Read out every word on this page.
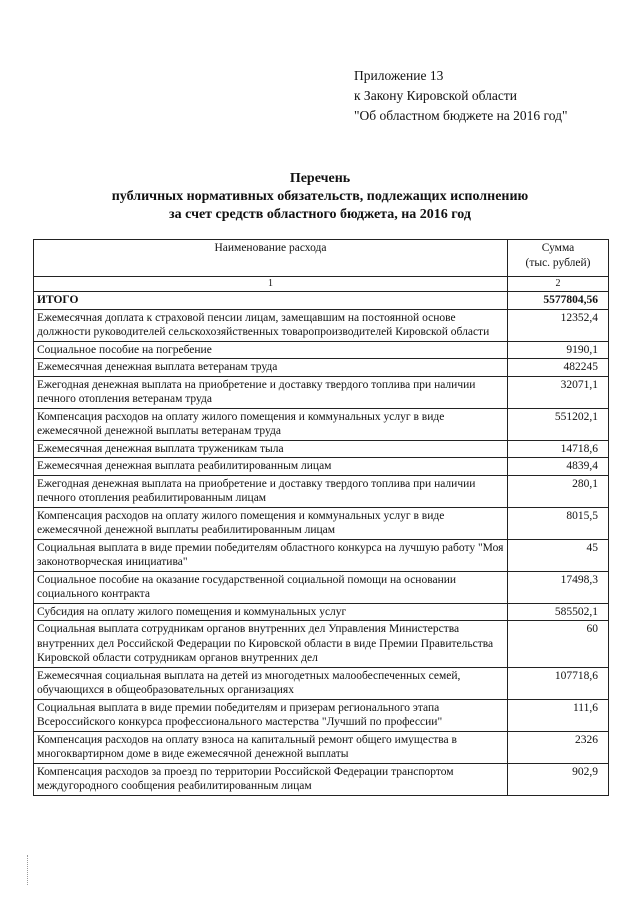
Приложение 13
к Закону Кировской области
"Об областном бюджете на 2016 год"
Перечень
публичных нормативных обязательств, подлежащих исполнению
за счет средств областного бюджета, на 2016 год
Наименование расхода	Сумма
(тыс. рублей)

1	2
ИТОГО	5577804,56
Ежемесячная доплата к страховой пенсии лицам, замещавшим на постоянной основе должности руководителей сельскохозяйственных товаропроизводителей Кировской области	12352,4
Социальное пособие на погребение	9190,1
Ежемесячная денежная выплата ветеранам труда	482245
Ежегодная денежная выплата на приобретение и доставку твердого топлива при наличии печного отопления ветеранам труда	32071,1
Компенсация расходов на оплату жилого помещения и коммунальных услуг в виде ежемесячной денежной выплаты ветеранам труда	551202,1
Ежемесячная денежная выплата труженикам тыла	14718,6
Ежемесячная денежная выплата реабилитированным лицам	4839,4
Ежегодная денежная выплата на приобретение и доставку твердого топлива при наличии печного отопления реабилитированным лицам	280,1
Компенсация расходов на оплату жилого помещения и коммунальных услуг в виде ежемесячной денежной выплаты реабилитированным лицам	8015,5
Социальная выплата в виде премии победителям областного конкурса на лучшую работу "Моя законотворческая инициатива"	45
Социальное пособие на оказание государственной социальной помощи на основании социального контракта	17498,3
Субсидия на оплату жилого помещения и коммунальных услуг	585502,1
Социальная выплата сотрудникам органов внутренних дел Управления Министерства внутренних дел Российской Федерации по Кировской области в виде Премии Правительства Кировской области сотрудникам органов внутренних дел	60
Ежемесячная социальная выплата на детей из многодетных малообеспеченных семей, обучающихся в общеобразовательных организациях	107718,6
Социальная выплата в виде премии победителям и призерам регионального этапа Всероссийского конкурса профессионального мастерства "Лучший по профессии"	111,6
Компенсация расходов на оплату взноса на капитальный ремонт общего имущества в многоквартирном доме в виде ежемесячной денежной выплаты	2326
Компенсация расходов за проезд по территории Российской Федерации транспортом междугородного сообщения реабилитированным лицам	902,9
